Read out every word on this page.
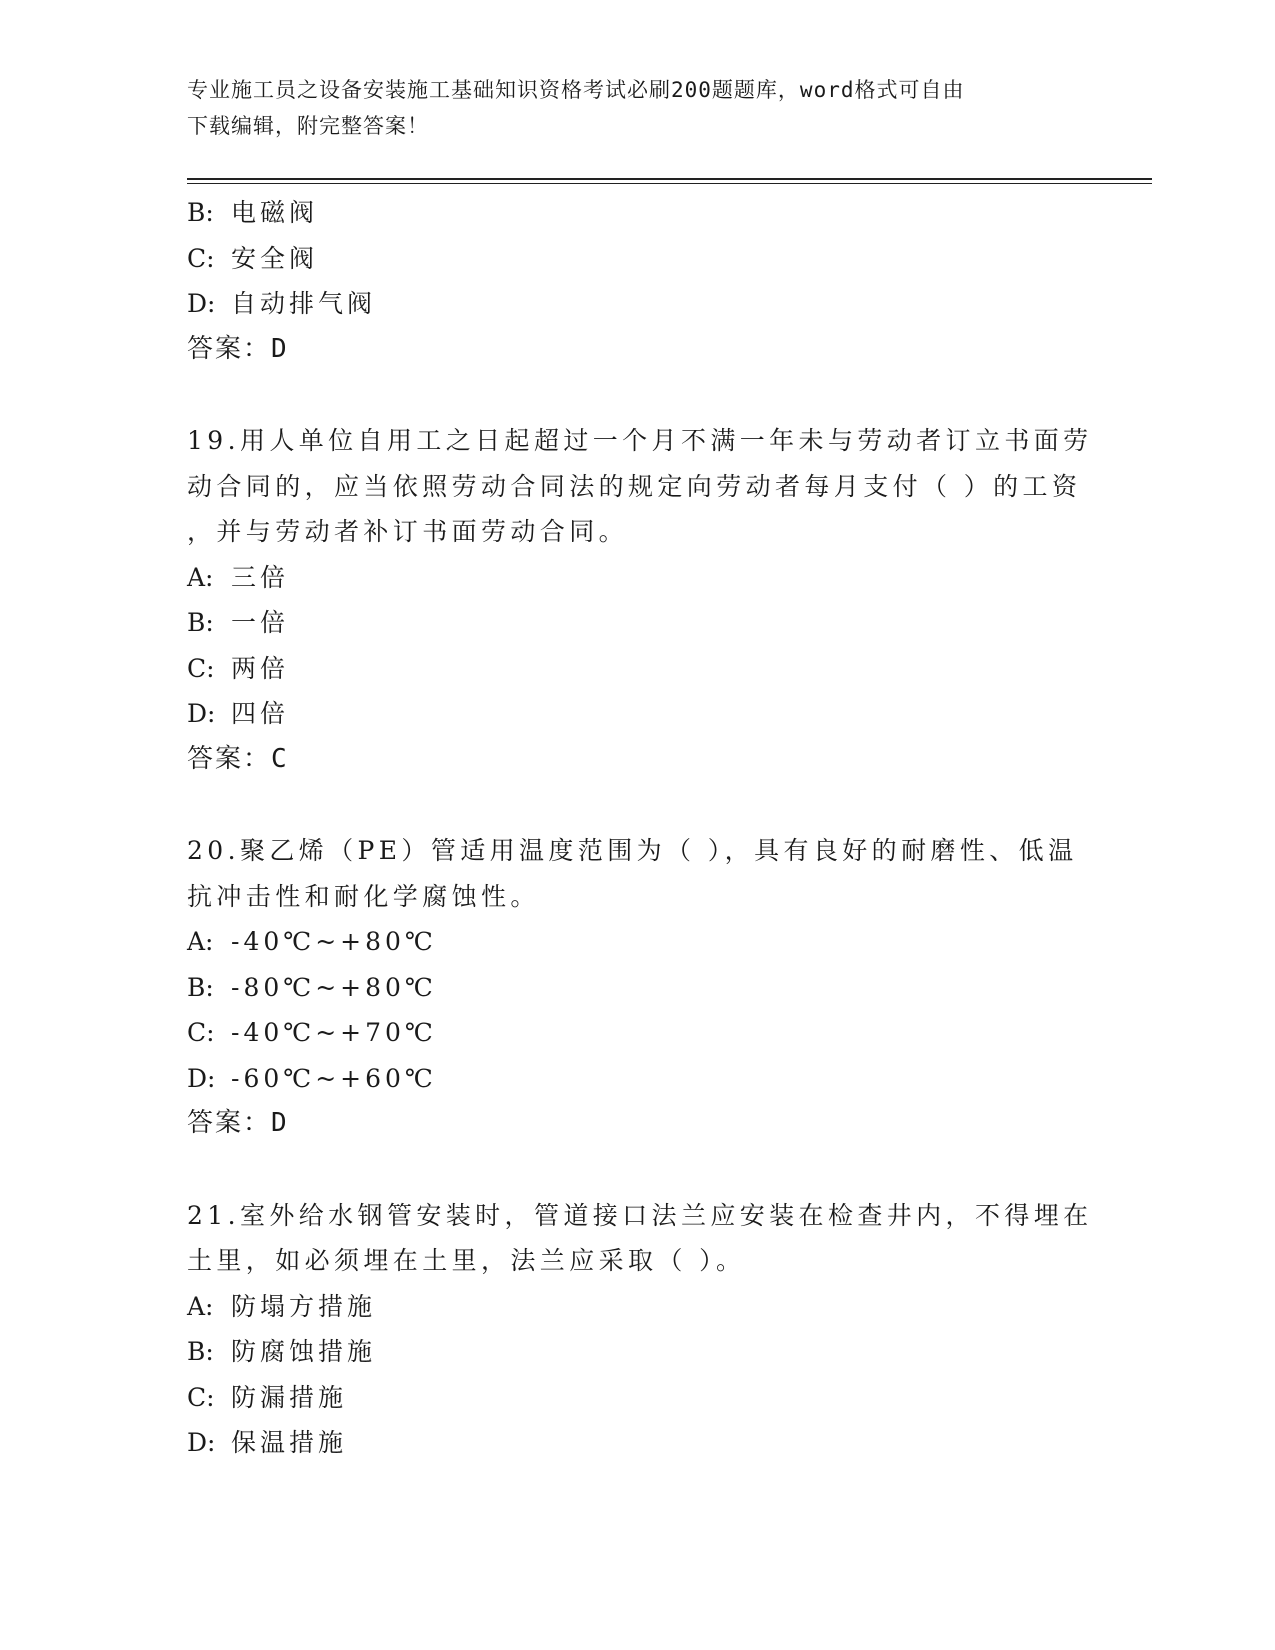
专业施工员之设备安装施工基础知识资格考试必刷200题题库，word格式可自由
下载编辑，附完整答案！
B: 电磁阀
C: 安全阀
D: 自动排气阀
答案：D
19.用人单位自用工之日起超过一个月不满一年未与劳动者订立书面劳
动合同的，应当依照劳动合同法的规定向劳动者每月支付（ ）的工资
，并与劳动者补订书面劳动合同。
A: 三倍
B: 一倍
C: 两倍
D: 四倍
答案：C
20.聚乙烯（PE）管适用温度范围为（ ），具有良好的耐磨性、低温
抗冲击性和耐化学腐蚀性。
A: -40℃~+80℃
B: -80℃~+80℃
C: -40℃~+70℃
D: -60℃~+60℃
答案：D
21.室外给水钢管安装时，管道接口法兰应安装在检查井内，不得埋在
土里，如必须埋在土里，法兰应采取（ ）。
A: 防塌方措施
B: 防腐蚀措施
C: 防漏措施
D: 保温措施
